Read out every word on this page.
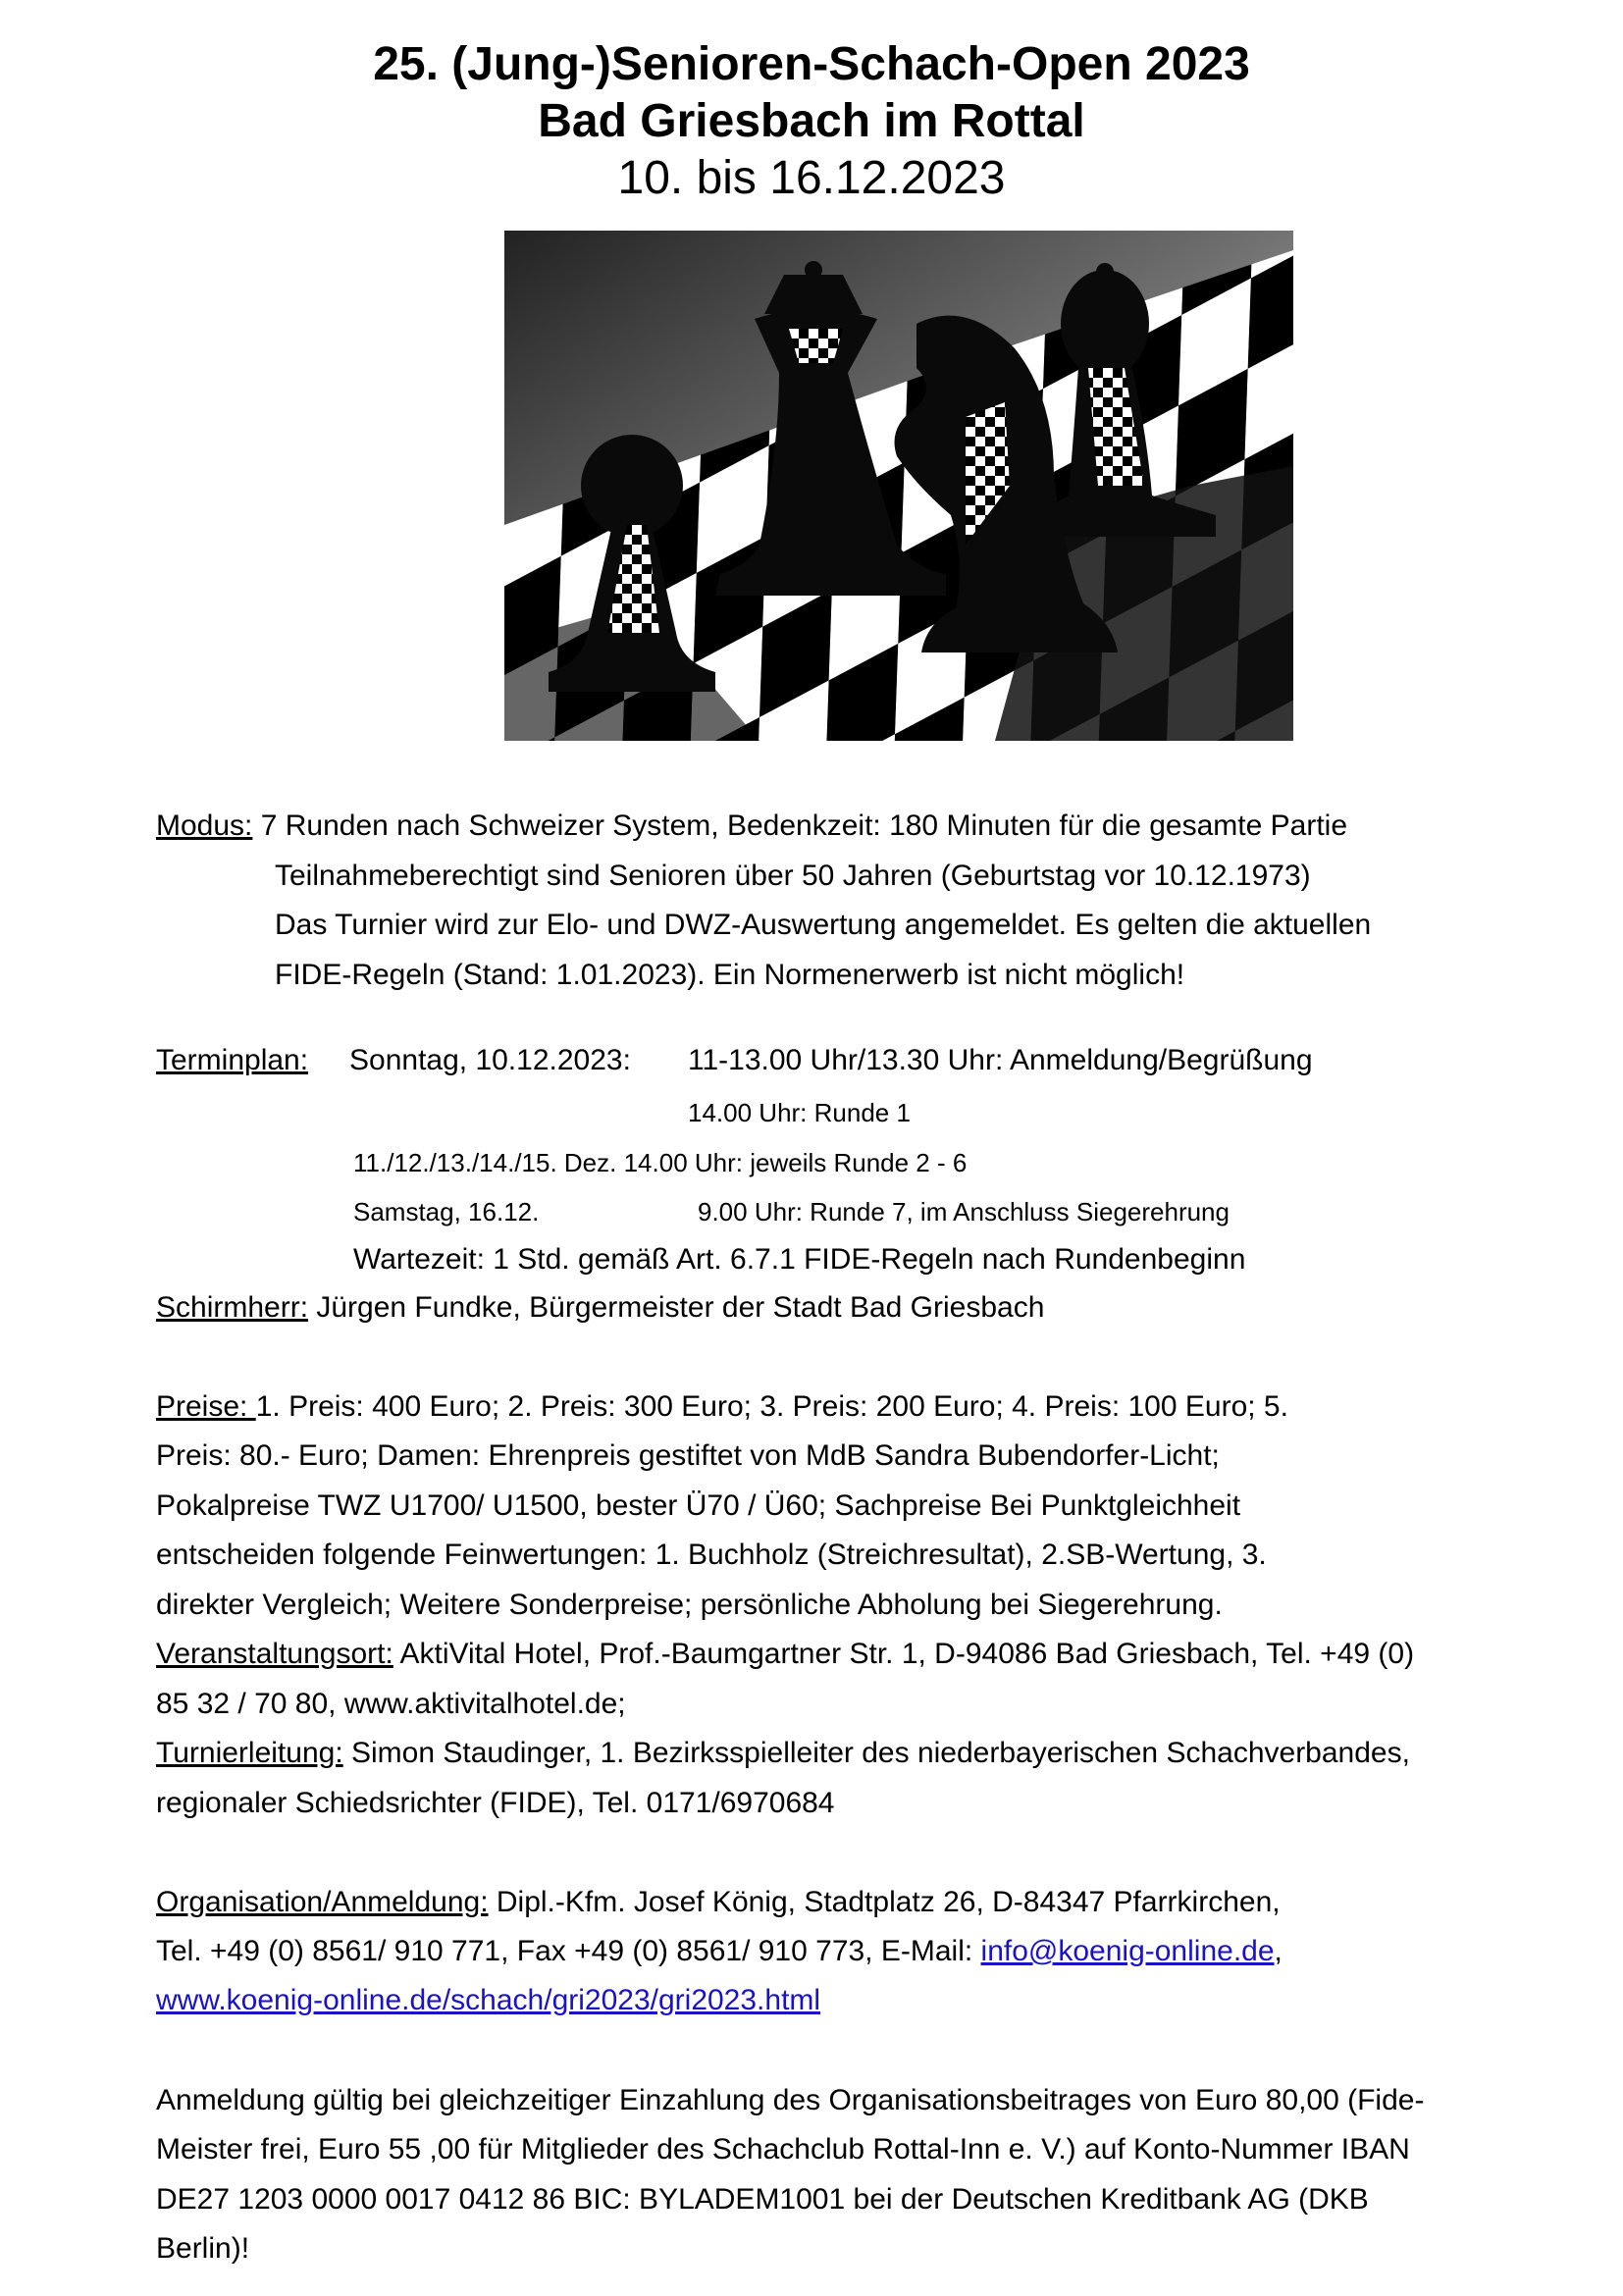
25. (Jung-)Senioren-Schach-Open 2023
Bad Griesbach im Rottal
10. bis 16.12.2023
Modus: 7 Runden nach Schweizer System, Bedenkzeit: 180 Minuten für die gesamte Partie
Teilnahmeberechtigt sind Senioren über 50 Jahren (Geburtstag vor 10.12.1973)
Das Turnier wird zur Elo- und DWZ-Auswertung angemeldet. Es gelten die aktuellen
FIDE-Regeln (Stand: 1.01.2023). Ein Normenerwerb ist nicht möglich!
Terminplan: Sonntag, 10.12.2023: 11-13.00 Uhr/13.30 Uhr: Anmeldung/Begrüßung
14.00 Uhr: Runde 1
11./12./13./14./15. Dez. 14.00 Uhr: jeweils Runde 2 - 6
Samstag, 16.12.	9.00 Uhr: Runde 7, im Anschluss Siegerehrung
Wartezeit: 1 Std. gemäß Art. 6.7.1 FIDE-Regeln nach Rundenbeginn
Schirmherr: Jürgen Fundke, Bürgermeister der Stadt Bad Griesbach
Preise: 1. Preis: 400 Euro; 2. Preis: 300 Euro; 3. Preis: 200 Euro; 4. Preis: 100 Euro; 5.
Preis: 80.- Euro; Damen: Ehrenpreis gestiftet von MdB Sandra Bubendorfer-Licht;
Pokalpreise TWZ U1700/ U1500, bester Ü70 / Ü60; Sachpreise Bei Punktgleichheit
entscheiden folgende Feinwertungen: 1. Buchholz (Streichresultat), 2.SB-Wertung, 3.
direkter Vergleich; Weitere Sonderpreise; persönliche Abholung bei Siegerehrung.
Veranstaltungsort: AktiVital Hotel, Prof.-Baumgartner Str. 1, D-94086 Bad Griesbach, Tel. +49 (0)
85 32 / 70 80, www.aktivitalhotel.de;
Turnierleitung: Simon Staudinger, 1. Bezirksspielleiter des niederbayerischen Schachverbandes,
regionaler Schiedsrichter (FIDE), Tel. 0171/6970684
Organisation/Anmeldung: Dipl.-Kfm. Josef König, Stadtplatz 26, D-84347 Pfarrkirchen,
Tel. +49 (0) 8561/ 910 771, Fax +49 (0) 8561/ 910 773, E-Mail: info@koenig-online.de,
www.koenig-online.de/schach/gri2023/gri2023.html
Anmeldung gültig bei gleichzeitiger Einzahlung des Organisationsbeitrages von Euro 80,00 (Fide-
Meister frei, Euro 55 ,00 für Mitglieder des Schachclub Rottal-Inn e. V.) auf Konto-Nummer IBAN
DE27 1203 0000 0017 0412 86 BIC: BYLADEM1001 bei der Deutschen Kreditbank AG (DKB
Berlin)!
